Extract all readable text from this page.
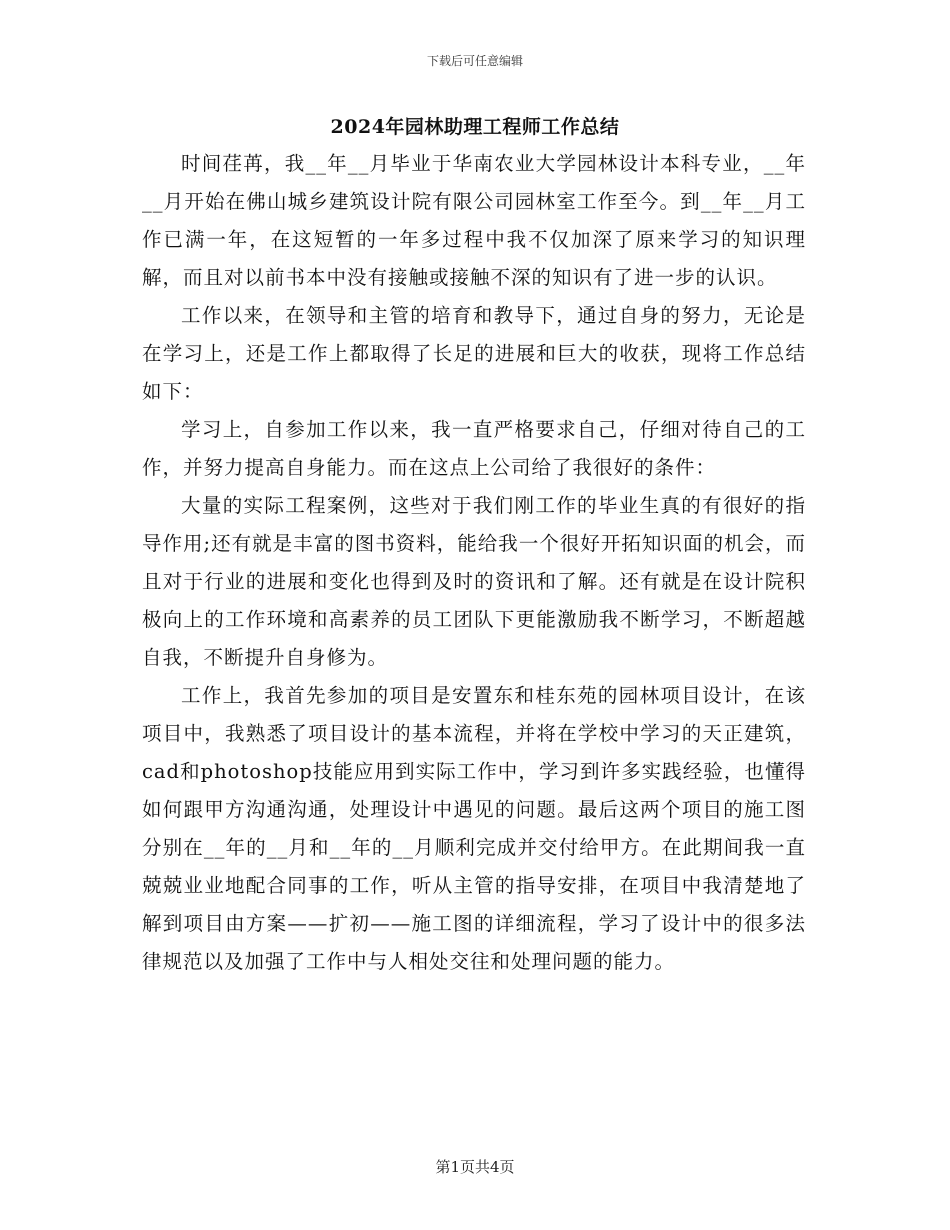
下载后可任意编辑
2024年园林助理工程师工作总结

时间荏苒，我__年__月毕业于华南农业大学园林设计本科专业，__年__月开始在佛山城乡建筑设计院有限公司园林室工作至今。到__年__月工作已满一年，在这短暂的一年多过程中我不仅加深了原来学习的知识理解，而且对以前书本中没有接触或接触不深的知识有了进一步的认识。

工作以来，在领导和主管的培育和教导下，通过自身的努力，无论是在学习上，还是工作上都取得了长足的进展和巨大的收获，现将工作总结如下：

学习上，自参加工作以来，我一直严格要求自己，仔细对待自己的工作，并努力提高自身能力。而在这点上公司给了我很好的条件：

大量的实际工程案例，这些对于我们刚工作的毕业生真的有很好的指导作用;还有就是丰富的图书资料，能给我一个很好开拓知识面的机会，而且对于行业的进展和变化也得到及时的资讯和了解。还有就是在设计院积极向上的工作环境和高素养的员工团队下更能激励我不断学习，不断超越自我，不断提升自身修为。

工作上，我首先参加的项目是安置东和桂东苑的园林项目设计，在该项目中，我熟悉了项目设计的基本流程，并将在学校中学习的天正建筑，cad和photoshop技能应用到实际工作中，学习到许多实践经验，也懂得如何跟甲方沟通沟通，处理设计中遇见的问题。最后这两个项目的施工图分别在__年的__月和__年的__月顺利完成并交付给甲方。在此期间我一直兢兢业业地配合同事的工作，听从主管的指导安排，在项目中我清楚地了解到项目由方案——扩初——施工图的详细流程，学习了设计中的很多法律规范以及加强了工作中与人相处交往和处理问题的能力。

第1页共4页
